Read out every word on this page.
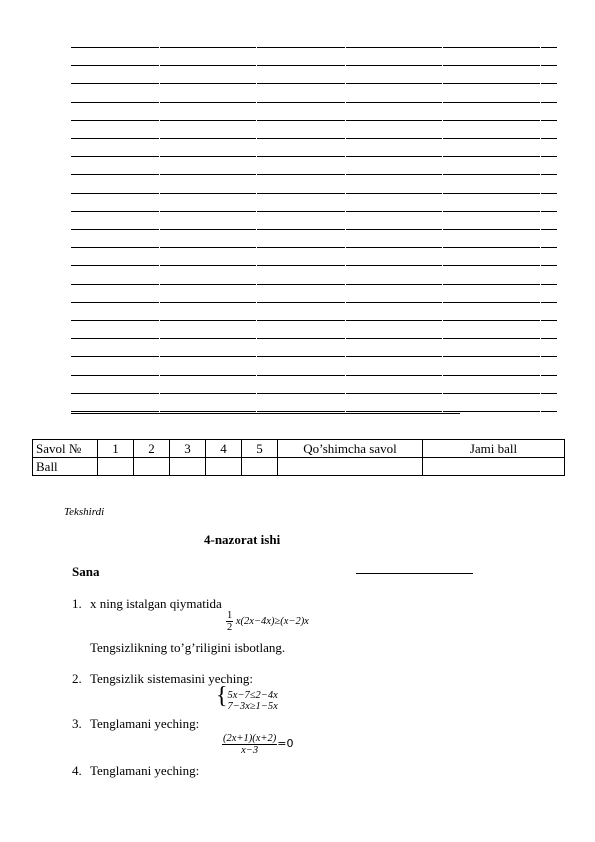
Savol №	1	2	3	4	5	Qo’shimcha savol	Jami ball
Ball							
Tekshirdi
4-nazorat ishi
Sana
1. x ning istalgan qiymatida
$\frac{1}{2} x(2x-4x)\ge(x-2)x$
Tengsizlikning to’g’riligini isbotlang.
2. Tengsizlik sistemasini yeching:
{ 5x−7≤2−4x
7−3x≥1−5x
3. Tenglamani yeching:
$\frac{(2x+1)(x+2)}{x-3} =0$
4. Tenglamani yeching:
